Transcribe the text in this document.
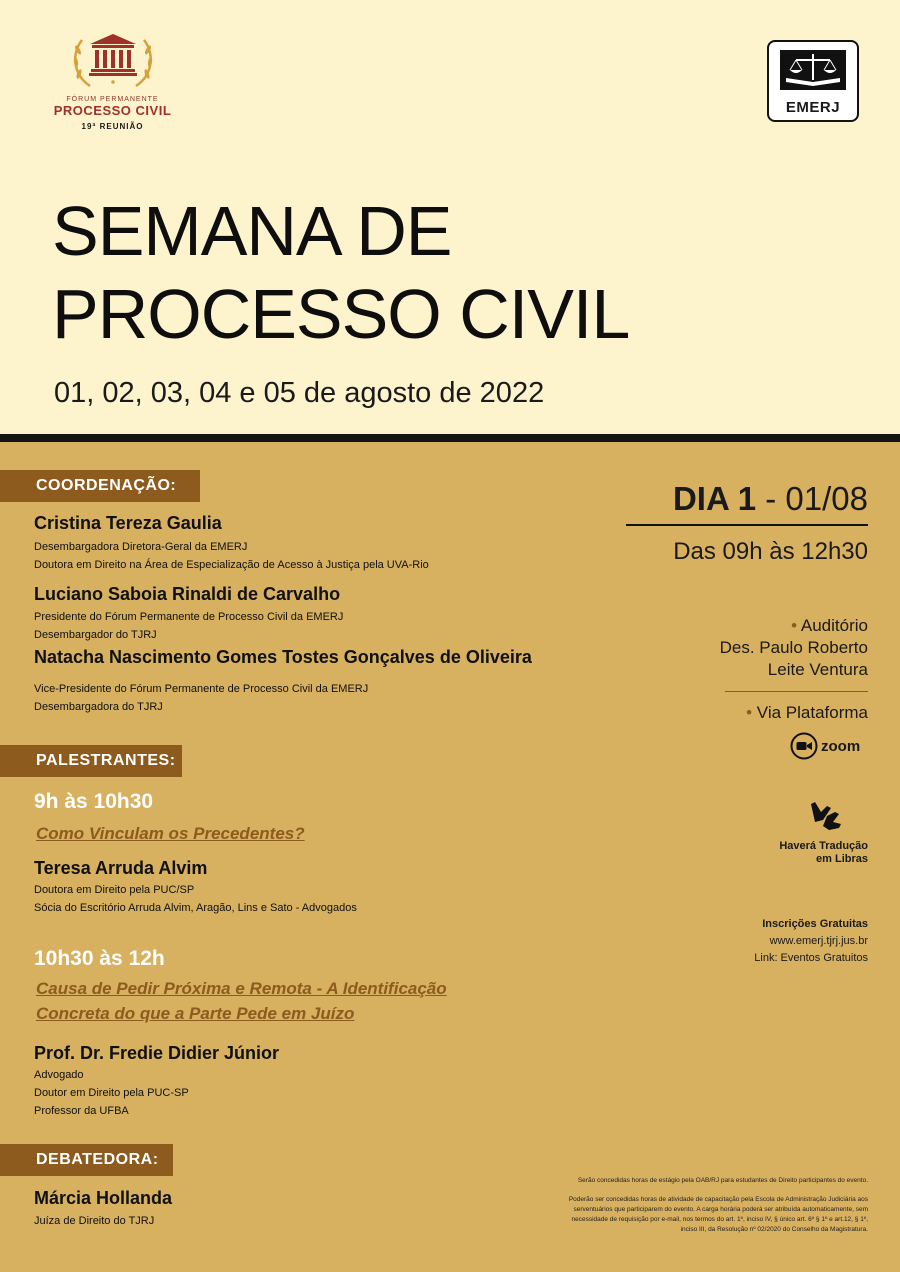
FÓRUM PERMANENTE
PROCESSO CIVIL
19ª REUNIÃO
EMERJ
SEMANA DE
PROCESSO CIVIL
01, 02, 03, 04 e 05 de agosto de 2022
COORDENAÇÃO:
Cristina Tereza Gaulia
Desembargadora Diretora-Geral da EMERJ
Doutora em Direito na Área de Especialização de Acesso à Justiça pela UVA-Rio
Luciano Saboia Rinaldi de Carvalho
Presidente do Fórum Permanente de Processo Civil da EMERJ
Desembargador do TJRJ
Natacha Nascimento Gomes Tostes Gonçalves de Oliveira
Vice-Presidente do Fórum Permanente de Processo Civil da EMERJ
Desembargadora do TJRJ
PALESTRANTES:
9h às 10h30
Como Vinculam os Precedentes?
Teresa Arruda Alvim
Doutora em Direito pela PUC/SP
Sócia do Escritório Arruda Alvim, Aragão, Lins e Sato - Advogados
10h30 às 12h
Causa de Pedir Próxima e Remota - A Identificação
Concreta do que a Parte Pede em Juízo
Prof. Dr. Fredie Didier Júnior
Advogado
Doutor em Direito pela PUC-SP
Professor da UFBA
DEBATEDORA:
Márcia Hollanda
Juíza de Direito do TJRJ
DIA 1 - 01/08
Das 09h às 12h30
• Auditório
Des. Paulo Roberto
Leite Ventura
• Via Plataforma
zoom
Haverá Tradução
em Libras
Inscrições Gratuitas
www.emerj.tjrj.jus.br
Link: Eventos Gratuitos
Serão concedidas horas de estágio pela OAB/RJ para estudantes de Direito participantes do evento.
Poderão ser concedidas horas de atividade de capacitação pela Escola de Administração Judiciária aos
serventuários que participarem do evento. A carga horária poderá ser atribuída automaticamente, sem
necessidade de requisição por e-mail, nos termos do art. 1º, inciso IV, § único art. 6º § 1º e art.12, § 1º,
inciso III, da Resolução nº 02/2020 do Conselho da Magistratura.
